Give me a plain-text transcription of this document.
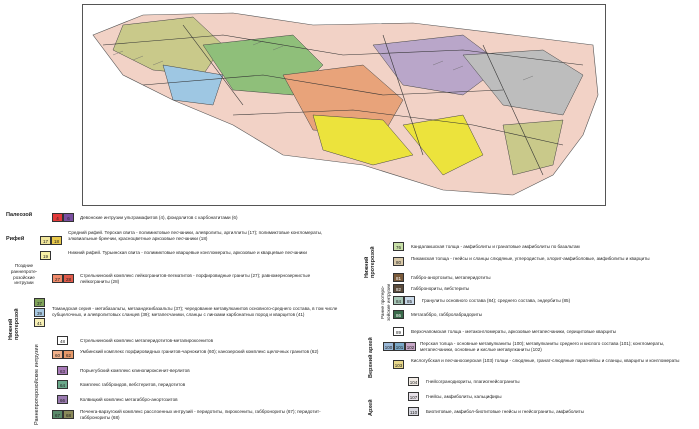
Палеозой
Рифей
Поздние раннепроте-розойские интрузии
Нижний протерозой
Раннепротерозойские интрузии
4	6	Девонские интрузии ультрамафитов (4), фоидолитов с карбонатитами (6)
17	18
Средний рифей. Терская свита - полимиктовые песчаники, алевролиты, аргиллиты (17); полимиктовые конгломераты, элювиальные брекчии, красноцветные аркозовые песчаники (18)
19
Нижний рифей. Турьинская свита - полимиктовые кварцевые конгломераты, аркозовые и кварцевые песчаники
27	28
Стрельнинский комплекс лейкогранитов-пегматитов - порфировидные граниты (27); равномернозернистые лейкограниты (28)
37
39
41
Томандская серия - метабазальты, метаандезибазальты (37); чередование метавулканитов основного-среднего состава, в том числе субщелочных, и алевролитовых сланцев (39); метапесчаники, сланцы с линзами карбонатных пород и кварцитов (41)
48	Стрельнинский комплекс метаперидотитов-метапироксенитов
60	62
Умбинский комплекс порфировидных гранитов-чарнокитов (60); канозерский комплекс щелочных гранитов (62)
63	Порьегубский комплекс клинопироксенит-верлитов
64	Комплекс габброидов, вебстеритов, перидотитов
66	Колвицкий комплекс метагаббро-анортозитов
67	68
Печенга-варзугский комплекс расслоенных интрузий - перидотиты, пироксениты, габбронориты (67); перидотит-габбронориты (68)
Нижний протерозой
Ранне протеро-зойские интрузии
Верхний архей
Архей
76	Кандалакшская толща - амфиболиты и гранатовые амфиболиты по базальтам
80
Пикамская толща - гнейсы и сланцы слюдяные, углеродистые, хлорит-амфиболовые, амфиболиты и кварциты
81	Габбро-анортозиты, метаперидотиты
82	Габбронориты, вебстериты
84	85	Гранулиты основного состава (84); среднего состава, эндербиты (85)
86	Метагаббро, габбролабрадориты
89	Верхочапомская толща - метаконгломераты, аркозовые метапесчаники, серицитовые кварциты
100 101 102
Перская толща - основные метавулканиты (100); метавулканиты среднего и кислого состава (101); конгломераты, метапесчаники, основные и кислые метавулканиты (102)
103
Кислогубская и песчаноозерская (103) толщи - слюдяные, гранат-слюдяные парагнейсы и сланцы, кварциты и конгломераты
104	Гнейсогранодиориты, плагиогнейсограниты
107	Гнейсы, амфиболиты, кальцифиры
110	Биотитовые, амфибол-биотитовые гнейсы и гнейсограниты, амфиболиты
